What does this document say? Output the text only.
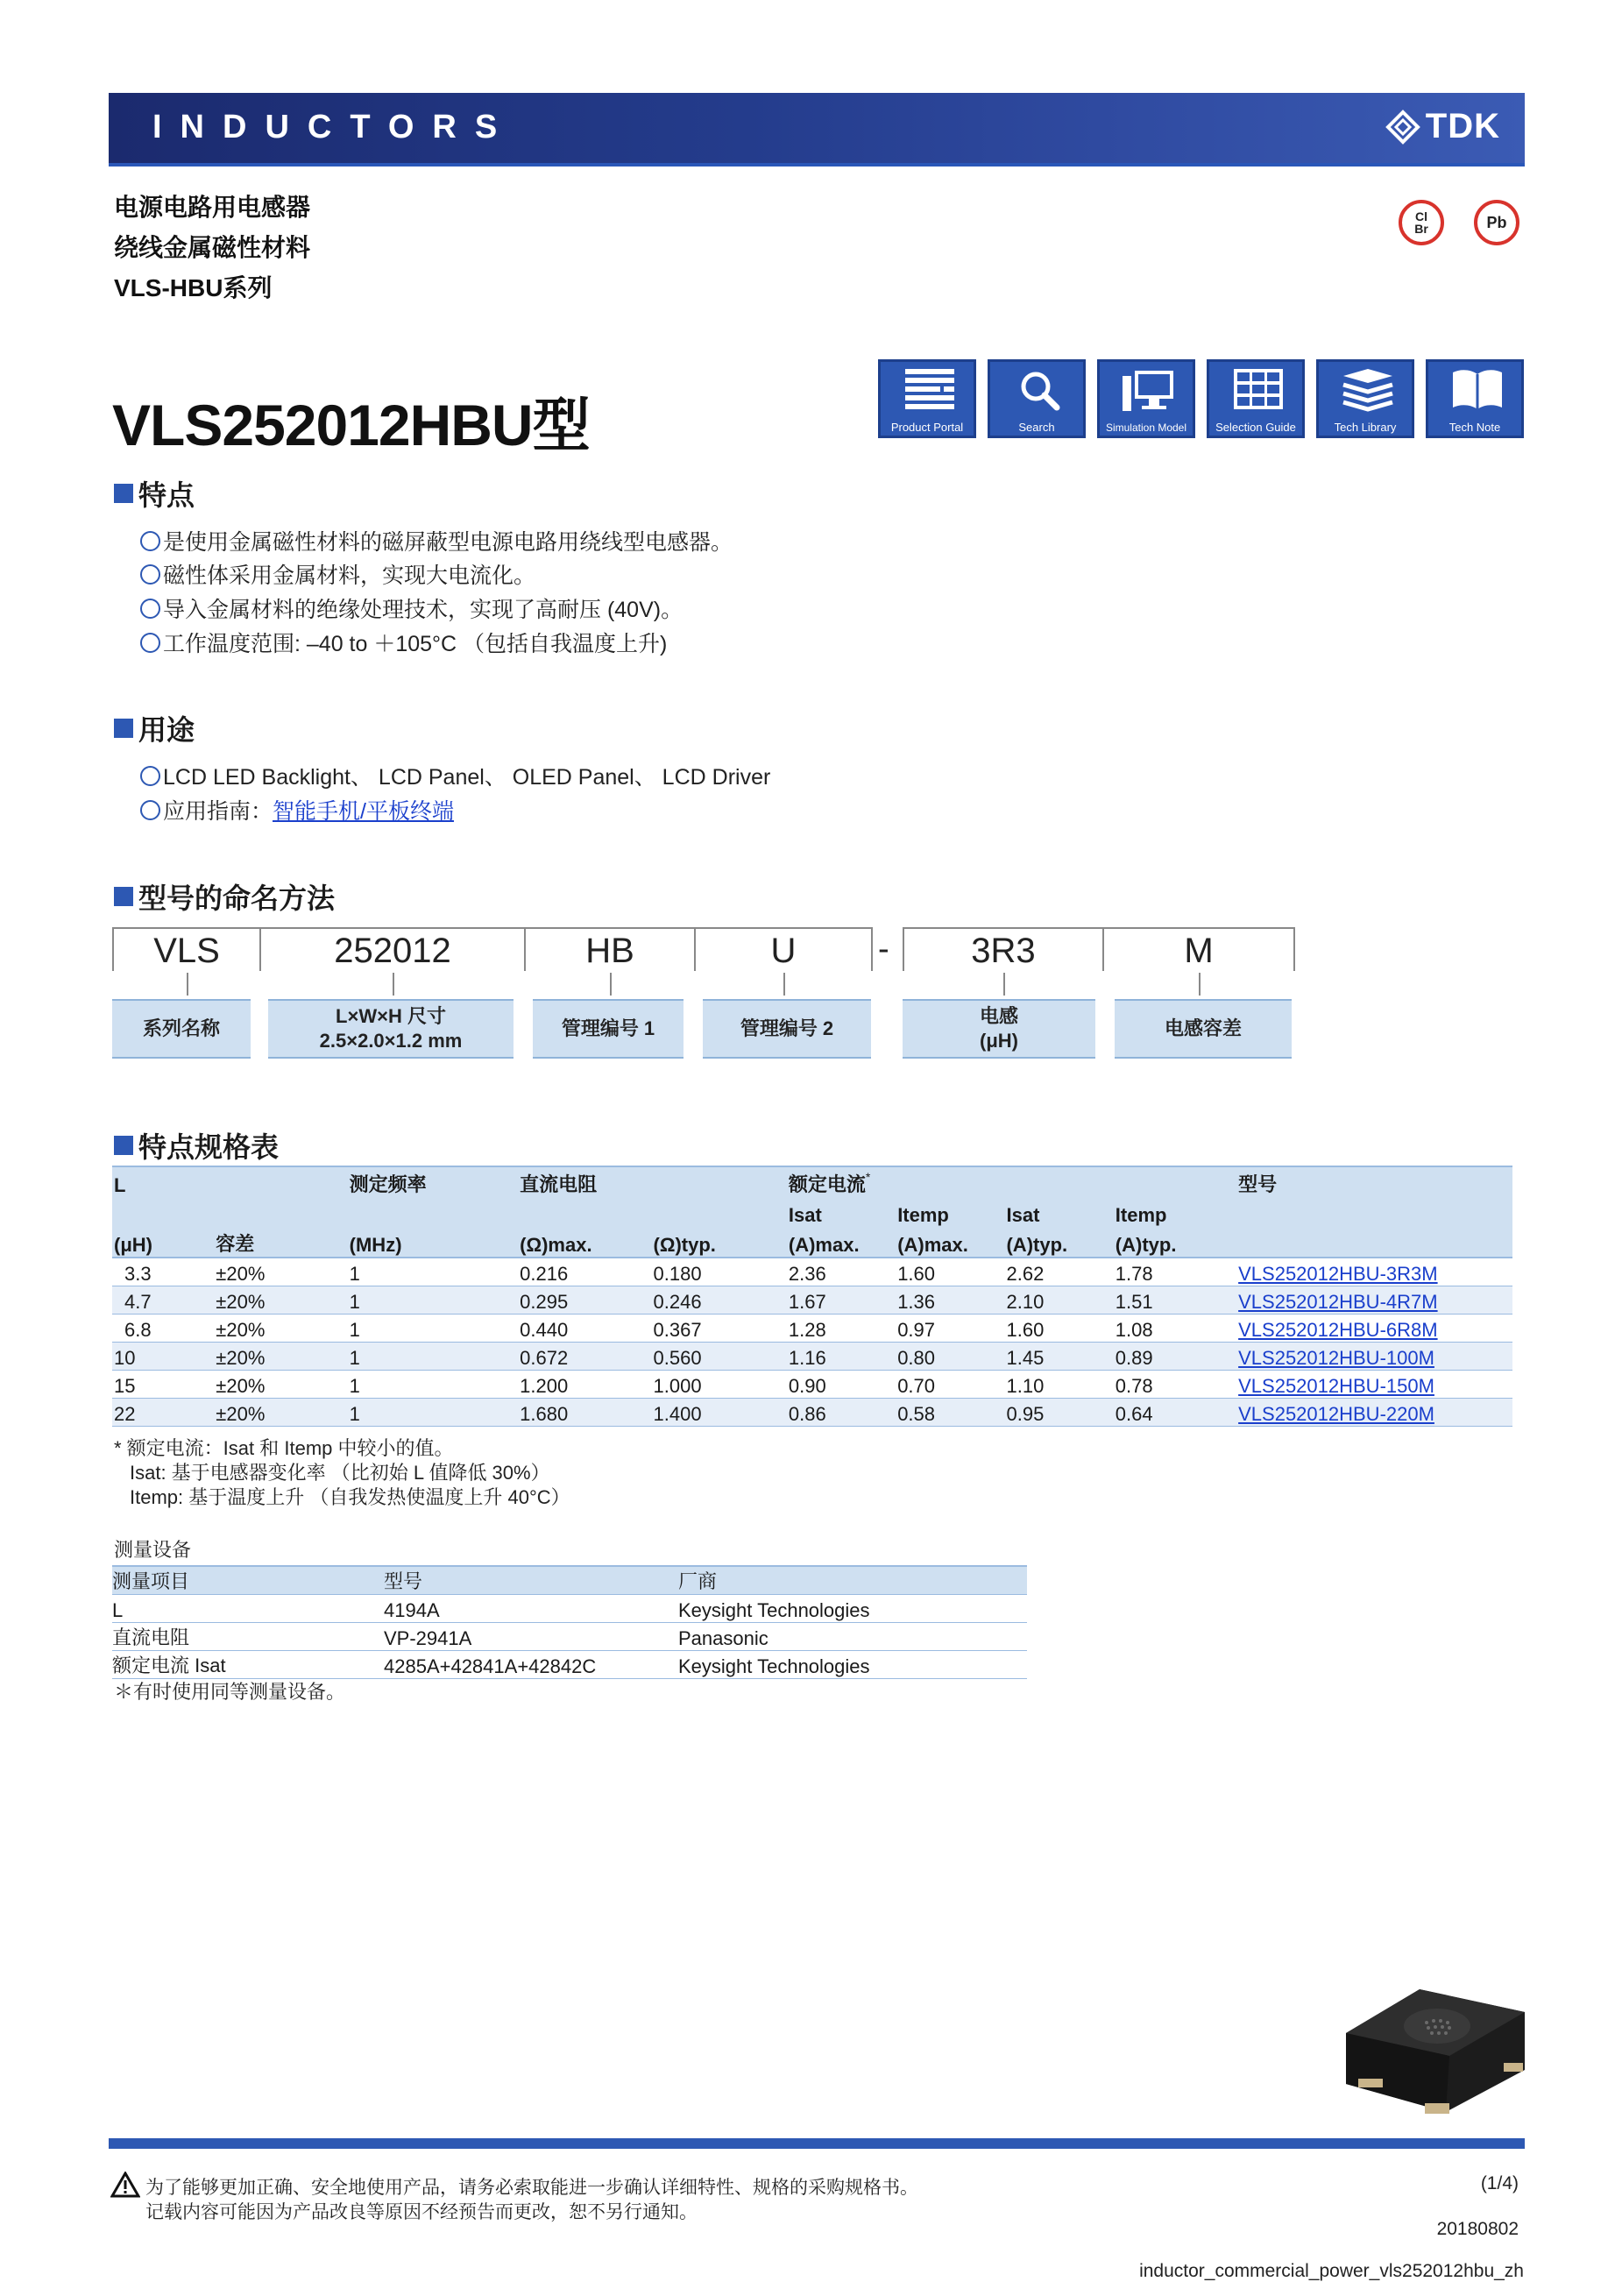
INDUCTORS	TDK
电源电路用电感器
绕线金属磁性材料
VLS-HBU系列
Cl
Br	Pb
VLS252012HBU型	Product Portal	Search	Simulation Model	Selection Guide	Tech Library	Tech Note
特点
是使用金属磁性材料的磁屏蔽型电源电路用绕线型电感器。
磁性体采用金属材料，实现大电流化。
导入金属材料的绝缘处理技术，实现了高耐压 (40V)。
工作温度范围: –40 to ＋105°C （包括自我温度上升)
用途
LCD LED Backlight、 LCD Panel、 OLED Panel、 LCD Driver
应用指南： 智能手机/平板终端
型号的命名方法
VLS	252012	HB	U	-	3R3	M
系列名称
L×W×H 尺寸
2.5×2.0×1.2 mm
管理编号 1	管理编号 2
电感
(μH)
电感容差
特点规格表
L		测定频率	直流电阻		额定电流*				型号
					Isat	Itemp	Isat	Itemp	
(μH)	容差	(MHz)	(Ω)max.	(Ω)typ.	(A)max.	(A)max.	(A)typ.	(A)typ.	
3.3	±20%	1	0.216	0.180	2.36	1.60	2.62	1.78	VLS252012HBU-3R3M
4.7	±20%	1	0.295	0.246	1.67	1.36	2.10	1.51	VLS252012HBU-4R7M
6.8	±20%	1	0.440	0.367	1.28	0.97	1.60	1.08	VLS252012HBU-6R8M
10	±20%	1	0.672	0.560	1.16	0.80	1.45	0.89	VLS252012HBU-100M
15	±20%	1	1.200	1.000	0.90	0.70	1.10	0.78	VLS252012HBU-150M
22	±20%	1	1.680	1.400	0.86	0.58	0.95	0.64	VLS252012HBU-220M
* 额定电流：Isat 和 Itemp 中较小的值。
Isat: 基于电感器变化率 （比初始 L 值降低 30%）
Itemp: 基于温度上升 （自我发热使温度上升 40°C）
测量设备
测量项目	型号	厂商
L	4194A	Keysight Technologies
直流电阻	VP-2941A	Panasonic
额定电流 Isat	4285A+42841A+42842C	Keysight Technologies
＊有时使用同等测量设备。
为了能够更加正确、安全地使用产品，请务必索取能进一步确认详细特性、规格的采购规格书。
记载内容可能因为产品改良等原因不经预告而更改，恕不另行通知。
(1/4)
20180802
inductor_commercial_power_vls252012hbu_zh
